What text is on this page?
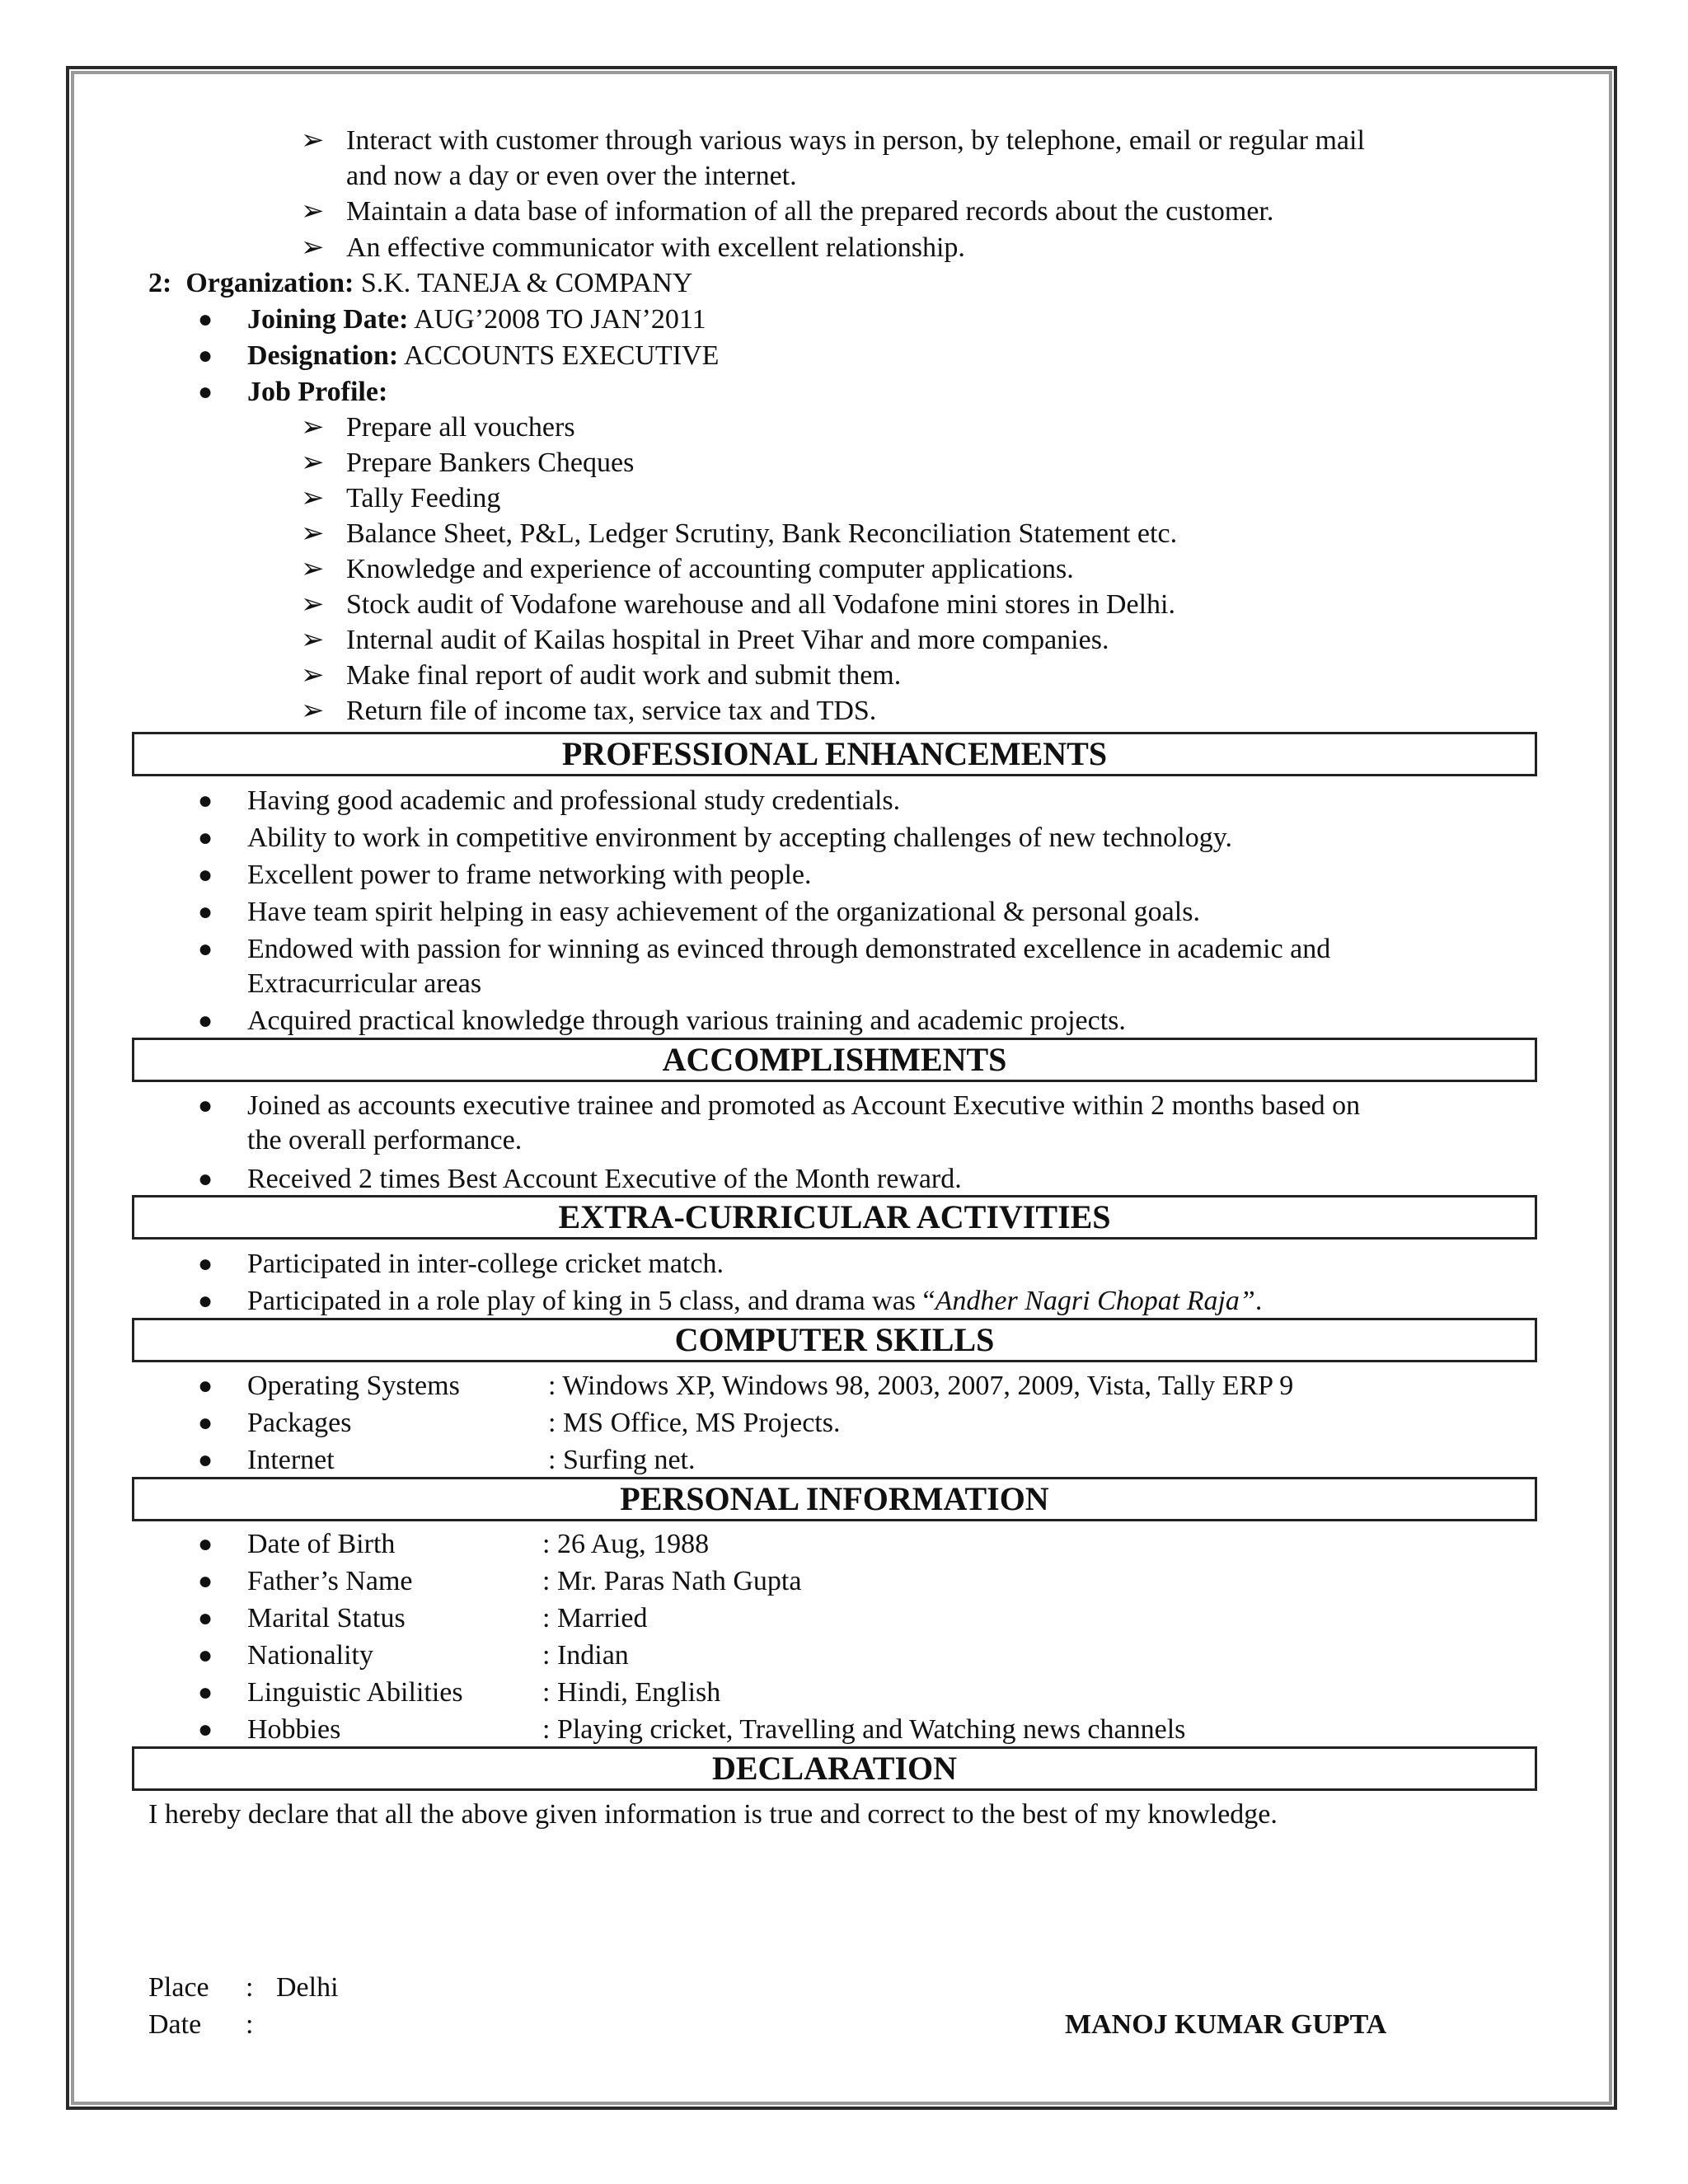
➢ Interact with customer through various ways in person, by telephone, email or regular mail
and now a day or even over the internet.
➢ Maintain a data base of information of all the prepared records about the customer.
➢ An effective communicator with excellent relationship.
2: Organization: S.K. TANEJA & COMPANY
● Joining Date: AUG’2008 TO JAN’2011
● Designation: ACCOUNTS EXECUTIVE
● Job Profile:
➢ Prepare all vouchers
➢ Prepare Bankers Cheques
➢ Tally Feeding
➢ Balance Sheet, P&L, Ledger Scrutiny, Bank Reconciliation Statement etc.
➢ Knowledge and experience of accounting computer applications.
➢ Stock audit of Vodafone warehouse and all Vodafone mini stores in Delhi.
➢ Internal audit of Kailas hospital in Preet Vihar and more companies.
➢ Make final report of audit work and submit them.
➢ Return file of income tax, service tax and TDS.
PROFESSIONAL ENHANCEMENTS
● Having good academic and professional study credentials.
● Ability to work in competitive environment by accepting challenges of new technology.
● Excellent power to frame networking with people.
● Have team spirit helping in easy achievement of the organizational & personal goals.
● Endowed with passion for winning as evinced through demonstrated excellence in academic and
Extracurricular areas
● Acquired practical knowledge through various training and academic projects.
ACCOMPLISHMENTS
● Joined as accounts executive trainee and promoted as Account Executive within 2 months based on
the overall performance.
● Received 2 times Best Account Executive of the Month reward.
EXTRA-CURRICULAR ACTIVITIES
● Participated in inter-college cricket match.
● Participated in a role play of king in 5 class, and drama was “Andher Nagri Chopat Raja”.
COMPUTER SKILLS
● Operating Systems	: Windows XP, Windows 98, 2003, 2007, 2009, Vista, Tally ERP 9
● Packages	: MS Office, MS Projects.
● Internet	: Surfing net.
PERSONAL INFORMATION
● Date of Birth	: 26 Aug, 1988
● Father’s Name	: Mr. Paras Nath Gupta
● Marital Status	: Married
● Nationality	: Indian
● Linguistic Abilities	: Hindi, English
● Hobbies	: Playing cricket, Travelling and Watching news channels
DECLARATION
I hereby declare that all the above given information is true and correct to the best of my knowledge.
Place : Delhi
Date :	MANOJ KUMAR GUPTA
